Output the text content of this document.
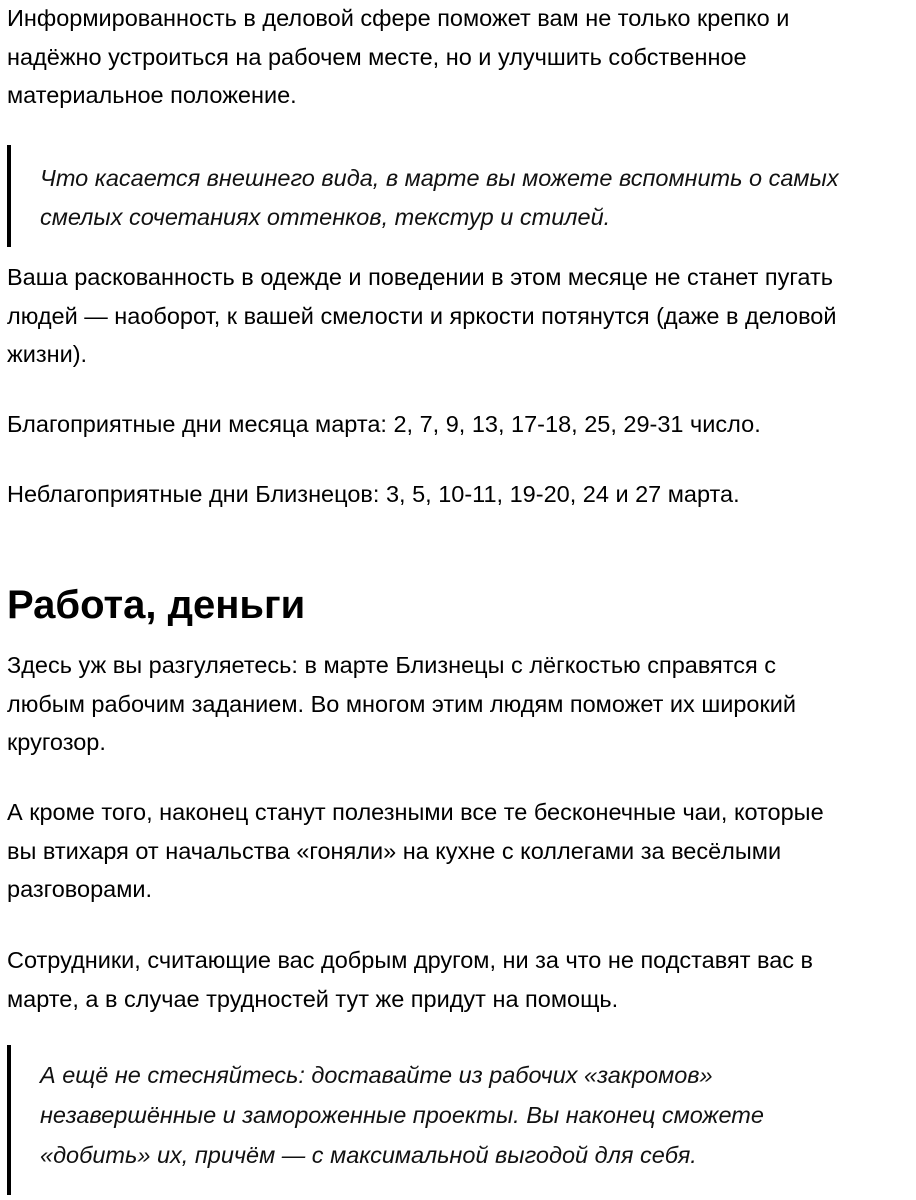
Информированность в деловой сфере поможет вам не только крепко и
надёжно устроиться на рабочем месте, но и улучшить собственное
материальное положение.
Что касается внешнего вида, в марте вы можете вспомнить о самых
смелых сочетаниях оттенков, текстур и стилей.
Ваша раскованность в одежде и поведении в этом месяце не станет пугать
людей — наоборот, к вашей смелости и яркости потянутся (даже в деловой
жизни).
Благоприятные дни месяца марта: 2, 7, 9, 13, 17-18, 25, 29-31 число.
Неблагоприятные дни Близнецов: 3, 5, 10-11, 19-20, 24 и 27 марта.
Работа, деньги
Здесь уж вы разгуляетесь: в марте Близнецы с лёгкостью справятся с
любым рабочим заданием. Во многом этим людям поможет их широкий
кругозор.
А кроме того, наконец станут полезными все те бесконечные чаи, которые
вы втихаря от начальства «гоняли» на кухне с коллегами за весёлыми
разговорами.
Сотрудники, считающие вас добрым другом, ни за что не подставят вас в
марте, а в случае трудностей тут же придут на помощь.
А ещё не стесняйтесь: доставайте из рабочих «закромов»
незавершённые и замороженные проекты. Вы наконец сможете
«добить» их, причём — с максимальной выгодой для себя.
